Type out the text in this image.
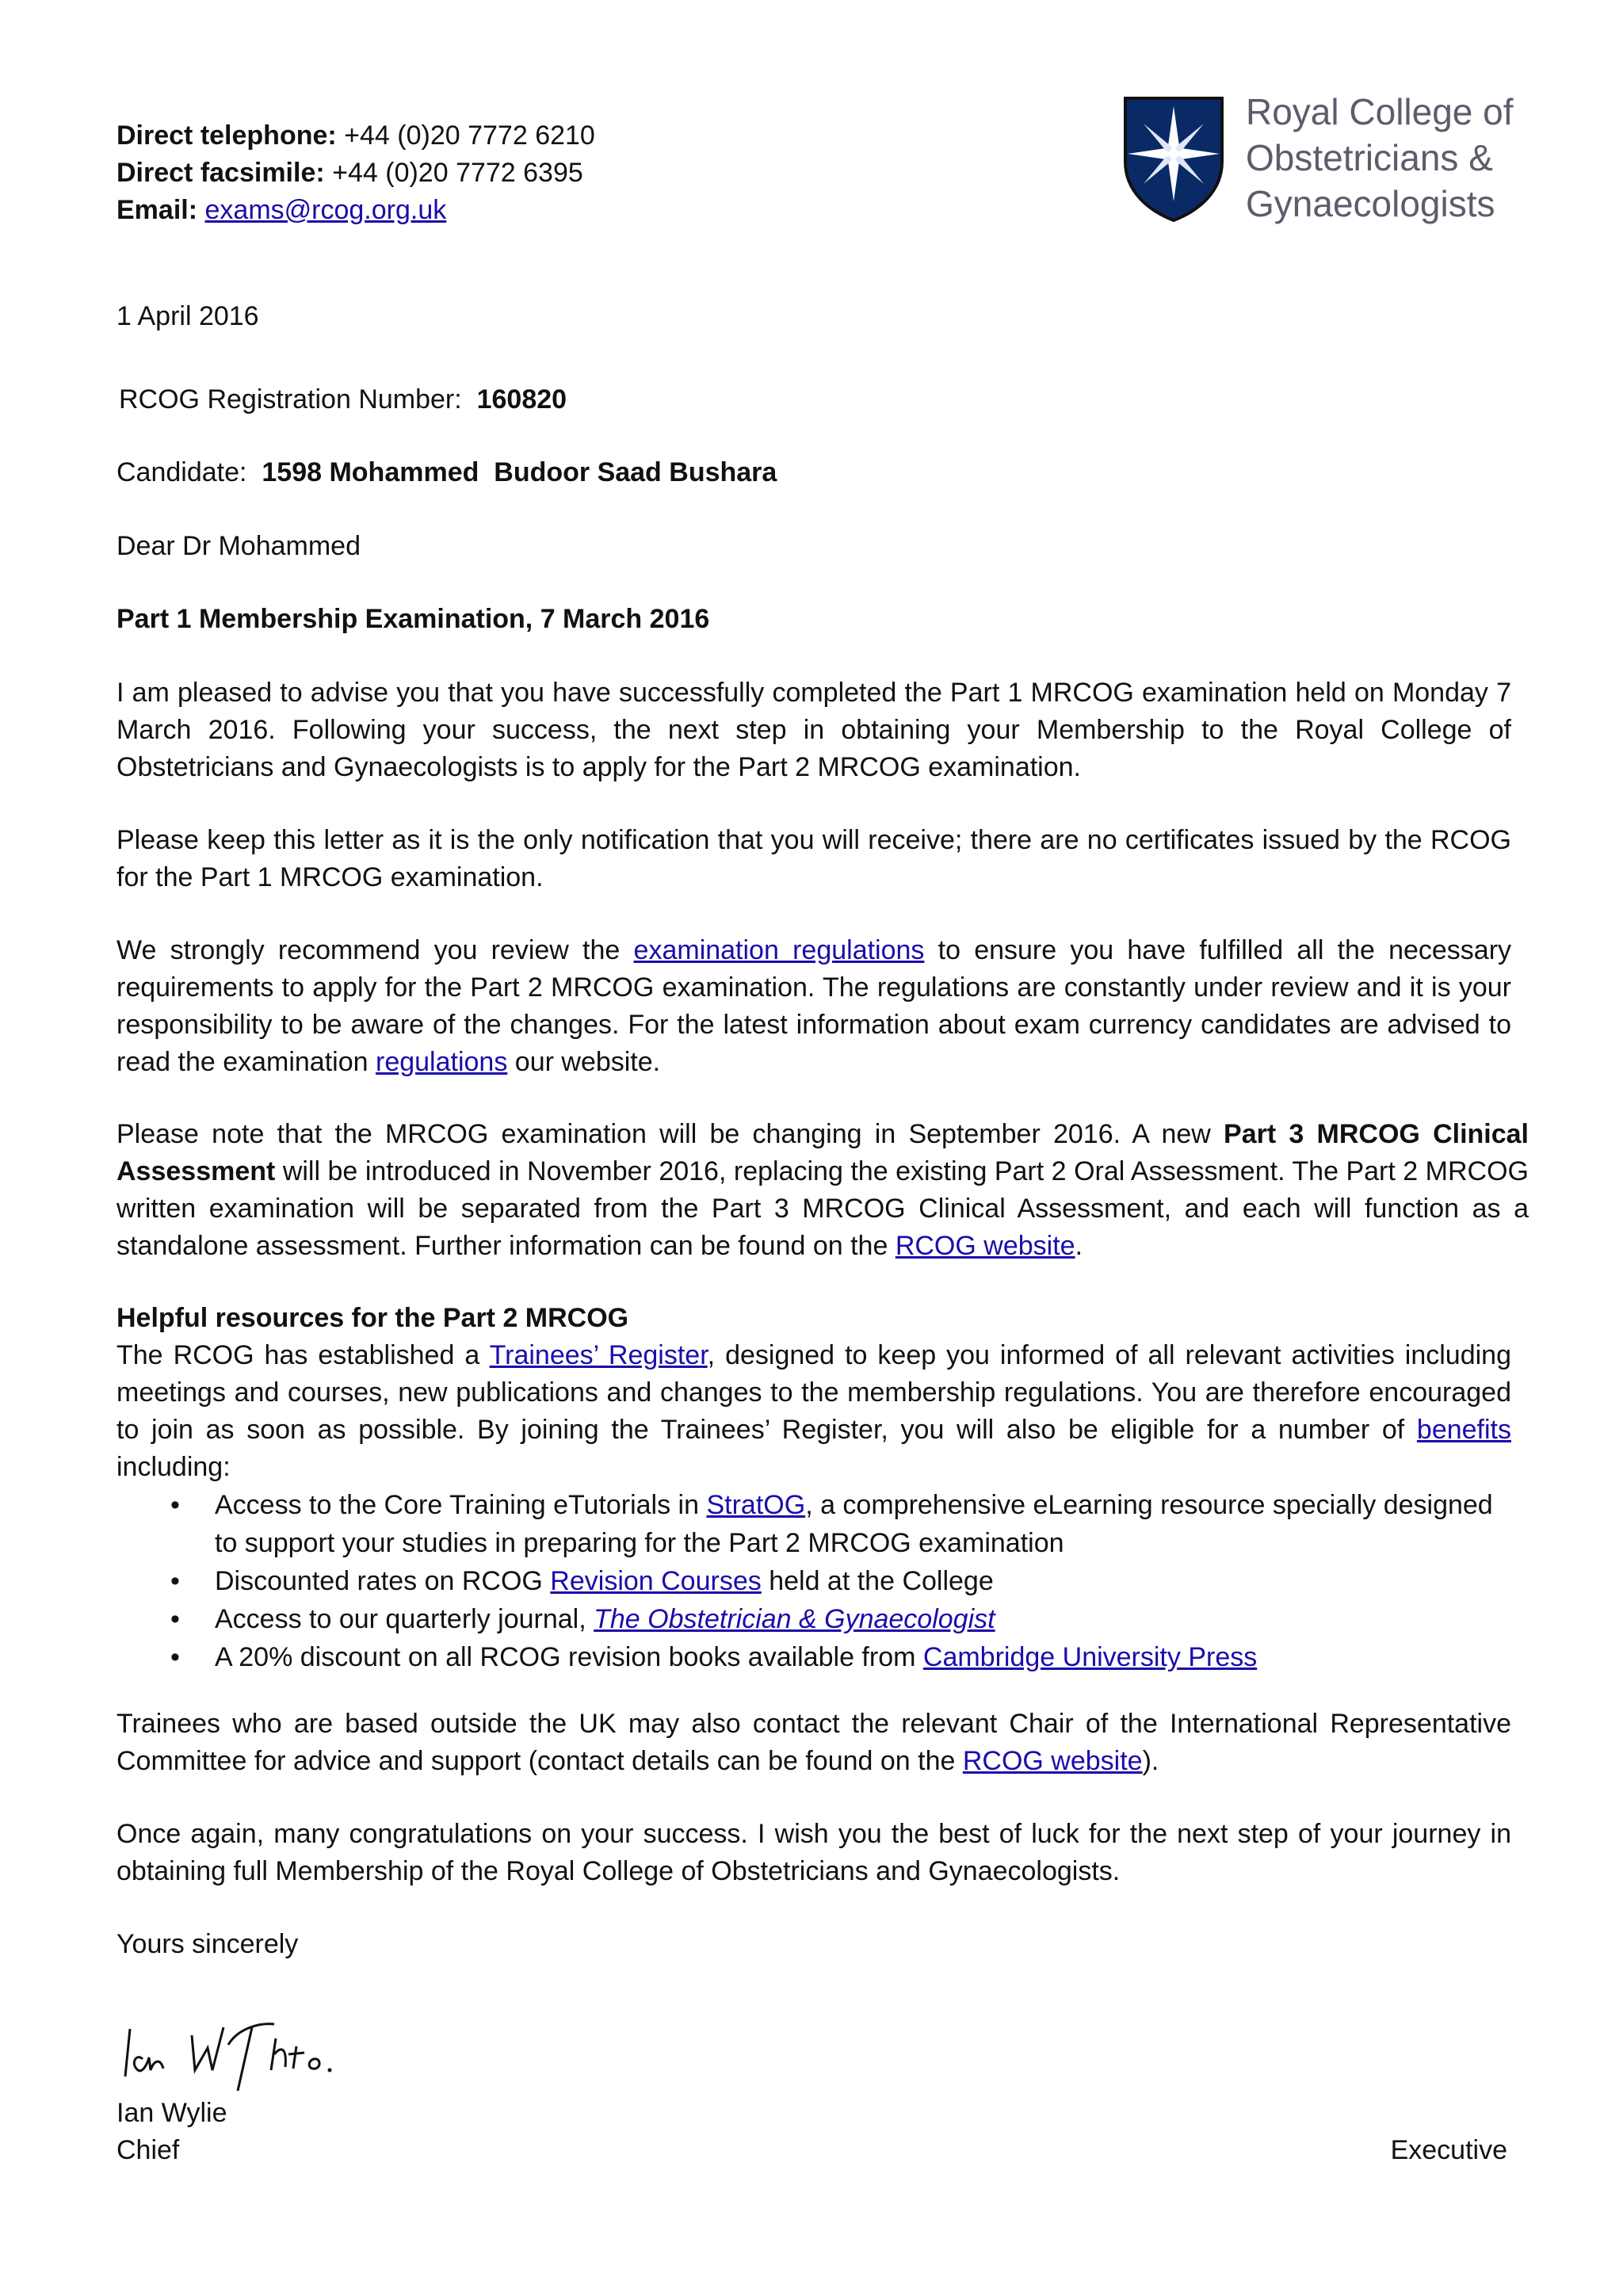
Direct telephone: +44 (0)20 7772 6210
Direct facsimile: +44 (0)20 7772 6395
Email: exams@rcog.org.uk
Royal College of
Obstetricians &
Gynaecologists
1 April 2016
RCOG Registration Number: 160820
Candidate: 1598 Mohammed  Budoor Saad Bushara
Dear Dr Mohammed
Part 1 Membership Examination, 7 March 2016
I am pleased to advise you that you have successfully completed the Part 1 MRCOG examination held on Monday 7 March 2016. Following your success, the next step in obtaining your Membership to the Royal College of Obstetricians and Gynaecologists is to apply for the Part 2 MRCOG examination.
Please keep this letter as it is the only notification that you will receive; there are no certificates issued by the RCOG for the Part 1 MRCOG examination.
We strongly recommend you review the examination regulations to ensure you have fulfilled all the necessary requirements to apply for the Part 2 MRCOG examination. The regulations are constantly under review and it is your responsibility to be aware of the changes. For the latest information about exam currency candidates are advised to read the examination regulations our website.
Please note that the MRCOG examination will be changing in September 2016. A new Part 3 MRCOG Clinical Assessment will be introduced in November 2016, replacing the existing Part 2 Oral Assessment. The Part 2 MRCOG written examination will be separated from the Part 3 MRCOG Clinical Assessment, and each will function as a standalone assessment. Further information can be found on the RCOG website.
Helpful resources for the Part 2 MRCOG
The RCOG has established a Trainees’ Register, designed to keep you informed of all relevant activities including meetings and courses, new publications and changes to the membership regulations. You are therefore encouraged to join as soon as possible. By joining the Trainees’ Register, you will also be eligible for a number of benefits including:
• Access to the Core Training eTutorials in StratOG, a comprehensive eLearning resource specially designed to support your studies in preparing for the Part 2 MRCOG examination
• Discounted rates on RCOG Revision Courses held at the College
• Access to our quarterly journal, The Obstetrician & Gynaecologist
• A 20% discount on all RCOG revision books available from Cambridge University Press
Trainees who are based outside the UK may also contact the relevant Chair of the International Representative Committee for advice and support (contact details can be found on the RCOG website).
Once again, many congratulations on your success. I wish you the best of luck for the next step of your journey in obtaining full Membership of the Royal College of Obstetricians and Gynaecologists.
Yours sincerely
Ian Wylie
Chief	Executive
